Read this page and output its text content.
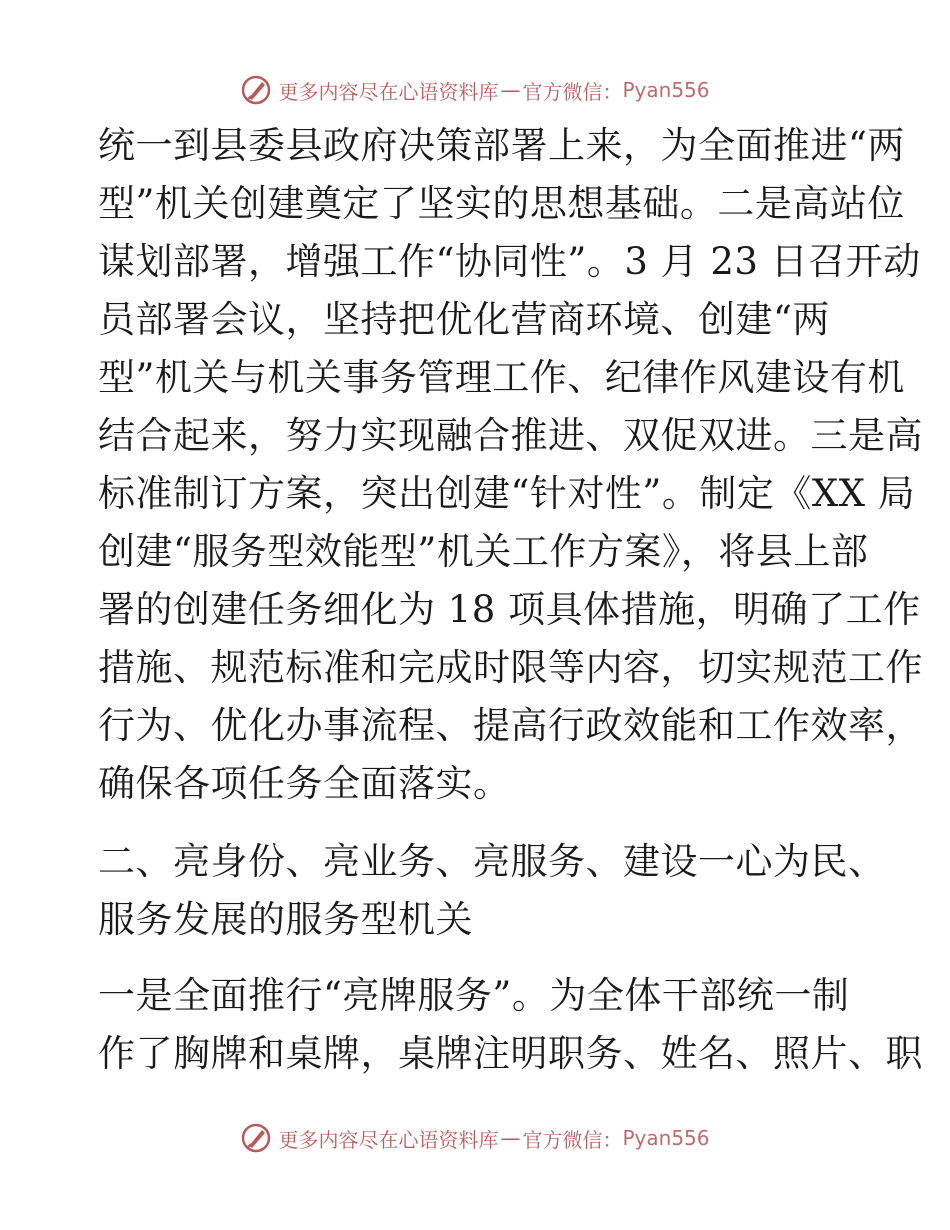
更多内容尽在心语资料库 — 官方微信： Pyan556
统一到县委县政府决策部署上来，为全面推进“两
型”机关创建奠定了坚实的思想基础。二是高站位
谋划部署，增强工作“协同性”。3 月 23 日召开动
员部署会议，坚持把优化营商环境、创建“两
型”机关与机关事务管理工作、纪律作风建设有机
结合起来，努力实现融合推进、双促双进。三是高
标准制订方案，突出创建“针对性”。制定《XX 局
创建“服务型效能型”机关工作方案》，将县上部
署的创建任务细化为 18 项具体措施，明确了工作
措施、规范标准和完成时限等内容，切实规范工作
行为、优化办事流程、提高行政效能和工作效率，
确保各项任务全面落实。
二、亮身份、亮业务、亮服务、建设一心为民、
服务发展的服务型机关
一是全面推行“亮牌服务”。为全体干部统一制
作了胸牌和桌牌，桌牌注明职务、姓名、照片、职
更多内容尽在心语资料库 — 官方微信： Pyan556
